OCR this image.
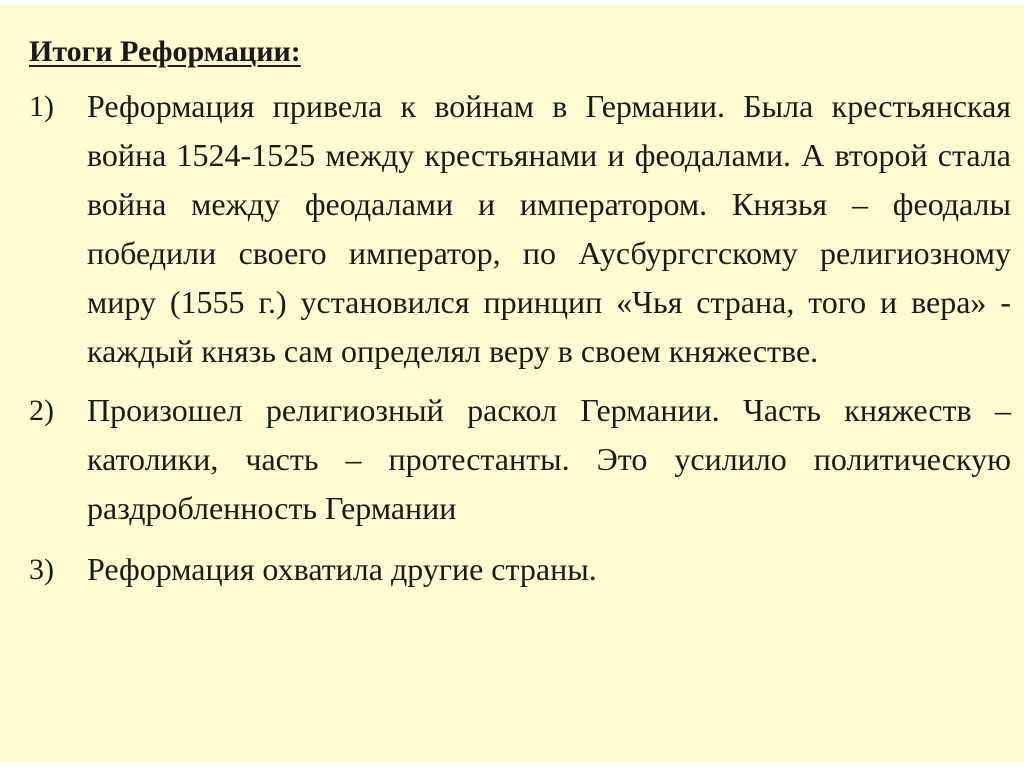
Итоги Реформации:
1) Реформация привела к войнам в Германии. Была крестьянская война 1524-1525 между крестьянами и феодалами. А второй стала война между феодалами и императором. Князья – феодалы победили своего император, по Аусбургсгскому религиозному миру (1555 г.) установился принцип «Чья страна, того и вера» - каждый князь сам определял веру в своем княжестве.
2) Произошел религиозный раскол Германии. Часть княжеств – католики, часть – протестанты. Это усилило политическую раздробленность Германии
3) Реформация охватила другие страны.
